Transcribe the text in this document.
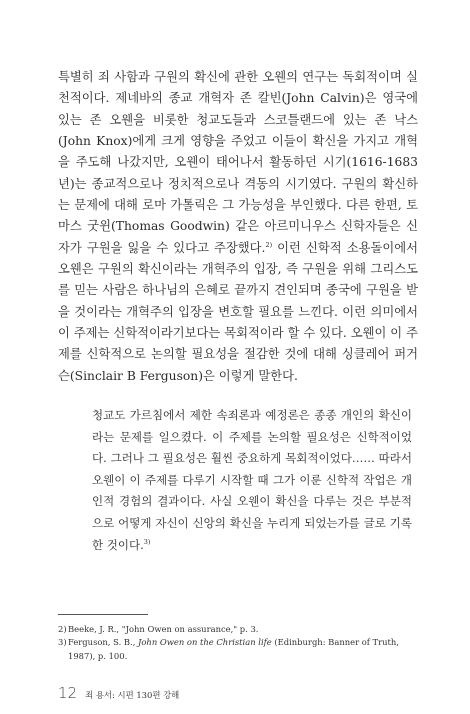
특별히 죄 사함과 구원의 확신에 관한 오웬의 연구는 독회적이며 실천적이다. 제네바의 종교 개혁자 존 칼빈(John Calvin)은 영국에 있는 존 오웬을 비롯한 청교도들과 스코틀랜드에 있는 존 낙스(John Knox)에게 크게 영향을 주었고 이들이 확신을 가지고 개혁을 주도해 나갔지만, 오웬이 태어나서 활동하던 시기(1616-1683년)는 종교적으로나 정치적으로나 격동의 시기였다. 구원의 확신하는 문제에 대해 로마 가톨릭은 그 가능성을 부인했다. 다른 한편, 토마스 굿윈(Thomas Goodwin) 같은 아르미니우스 신학자들은 신자가 구원을 잃을 수 있다고 주장했다.$^{2)}$ 이런 신학적 소용돌이에서 오웬은 구원의 확신이라는 개혁주의 입장, 즉 구원을 위해 그리스도를 믿는 사람은 하나님의 은혜로 끝까지 견인되며 종국에 구원을 받을 것이라는 개혁주의 입장을 변호할 필요를 느낀다. 이런 의미에서 이 주제는 신학적이라기보다는 목회적이라 할 수 있다. 오웬이 이 주제를 신학적으로 논의할 필요성을 절감한 것에 대해 싱클레어 퍼거슨(Sinclair B Ferguson)은 이렇게 말한다.

청교도 가르침에서 제한 속죄론과 예정론은 종종 개인의 확신이라는 문제를 일으켰다. 이 주제를 논의할 필요성은 신학적이었다. 그러나 그 필요성은 훨씬 중요하게 목회적이었다…… 따라서 오웬이 이 주제를 다루기 시작할 때 그가 이룬 신학적 작업은 개인적 경험의 결과이다. 사실 오웬이 확신을 다루는 것은 부분적으로 어떻게 자신이 신앙의 확신을 누리게 되었는가를 글로 기록한 것이다.$^{3)}$

2) Beeke, J. R., "John Owen on assurance," p. 3.
3) Ferguson, S. B., John Owen on the Christian life (Edinburgh: Banner of Truth, 1987), p. 100.
12 죄 용서: 시편 130편 강해
